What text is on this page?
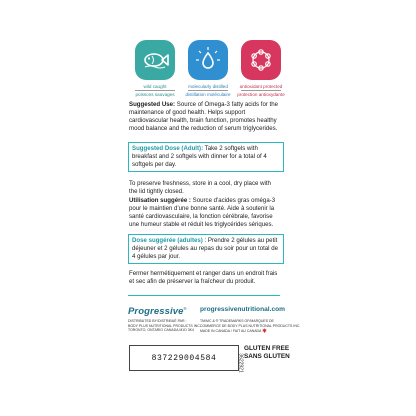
wild caught
poissons sauvages
molecularly distilled
distillation moléculaire
antioxidant protected
protection antioxydante
Suggested Use: Source of Omega-3 fatty acids for the maintenance of good health. Helps support cardiovascular health, brain function, promotes healthy mood balance and the reduction of serum triglycerides.
Suggested Dose (Adult): Take 2 softgels with breakfast and 2 softgels with dinner for a total of 4 softgels per day.
To preserve freshness, store in a cool, dry place with the lid tightly closed.
Utilisation suggérée : Source d'acides gras oméga-3 pour le maintien d'une bonne santé. Aide à soutenir la santé cardiovasculaire, la fonction cérébrale, favorise une humeur stable et réduit les triglycérides sériques.
Dose suggérée (adultes) : Prendre 2 gélules au petit déjeuner et 2 gélules au repas du soir pour un total de 4 gélules par jour.
Fermer hermétiquement et ranger dans un endroit frais et sec afin de préserver la fraîcheur du produit.
Progressive®
DISTRIBUTED BY/DISTRIBUÉ PAR :
BODY PLUS NUTRITIONAL PRODUCTS INC.
TORONTO, ONTARIO CANADA M1D 3K4
progressivenutritional.com
TM/MC & ® TRADEMARKS OF/MARQUES DE
COMMERCE DE BODY PLUS NUTRITIONAL PRODUCTS INC.
MADE IN CANADA / FAIT AU CANADA
837229004584	3622921
GLUTEN FREE
SANS GLUTEN
